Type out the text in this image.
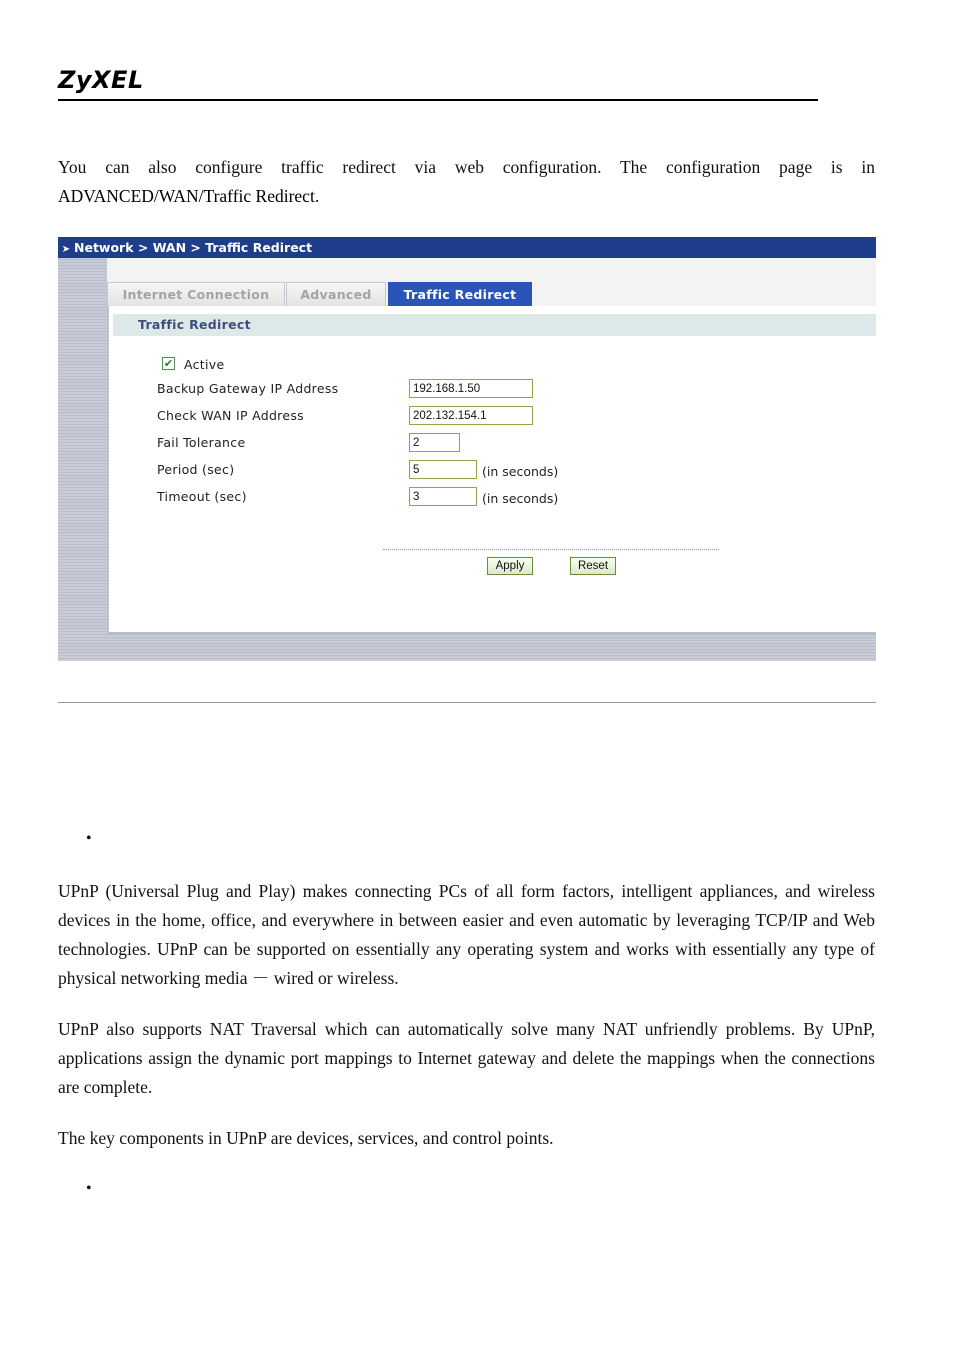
ZyXEL
You can also configure traffic redirect via web configuration. The configuration page is in ADVANCED/WAN/Traffic Redirect.
➤ Network > WAN > Traffic Redirect
Internet Connection	Advanced	Traffic Redirect
Traffic Redirect
✔ Active
Backup Gateway IP Address	192.168.1.50
Check WAN IP Address	202.132.154.1
Fail Tolerance	2
Period (sec)	5	(in seconds)
Timeout (sec)	3	(in seconds)
Apply	Reset
•
UPnP (Universal Plug and Play) makes connecting PCs of all form factors, intelligent appliances, and wireless devices in the home, office, and everywhere in between easier and even automatic by leveraging TCP/IP and Web technologies. UPnP can be supported on essentially any operating system and works with essentially any type of physical networking media － wired or wireless.
UPnP also supports NAT Traversal which can automatically solve many NAT unfriendly problems. By UPnP, applications assign the dynamic port mappings to Internet gateway and delete the mappings when the connections are complete.
The key components in UPnP are devices, services, and control points.
•
